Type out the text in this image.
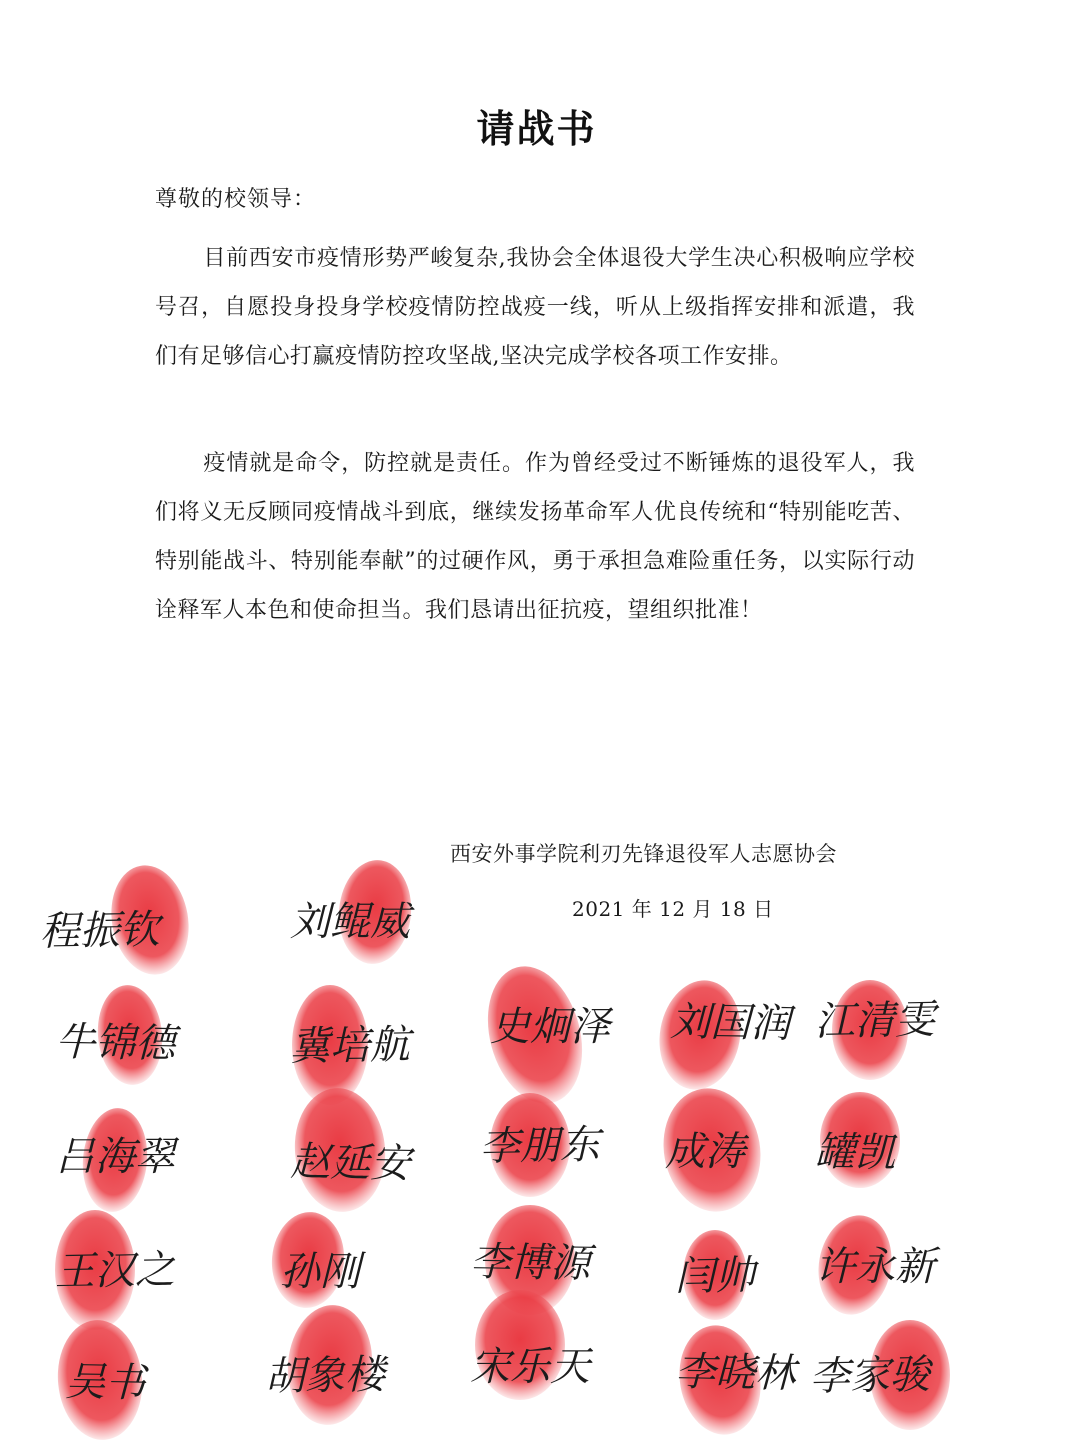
请战书
尊敬的校领导：

目前西安市疫情形势严峻复杂,我协会全体退役大学生决心积极响应学校号召，自愿投身投身学校疫情防控战疫一线，听从上级指挥安排和派遣，我们有足够信心打赢疫情防控攻坚战,坚决完成学校各项工作安排。

疫情就是命令，防控就是责任。作为曾经受过不断锤炼的退役军人，我们将义无反顾同疫情战斗到底，继续发扬革命军人优良传统和“特别能吃苦、特别能战斗、特别能奉献”的过硬作风，勇于承担急难险重任务，以实际行动诠释军人本色和使命担当。我们恳请出征抗疫，望组织批准！

西安外事学院利刃先锋退役军人志愿协会
2021 年 12 月 18 日
程振钦	刘鲲威
牛锦德	冀培航 史炯泽 刘国润 江清雯
吕海翠	赵延安 李朋东 成涛 罐凯
王汉之	孙刚	李博源 闫帅 许永新
吴书	胡象楼 宋乐天 李晓林 李家骏
